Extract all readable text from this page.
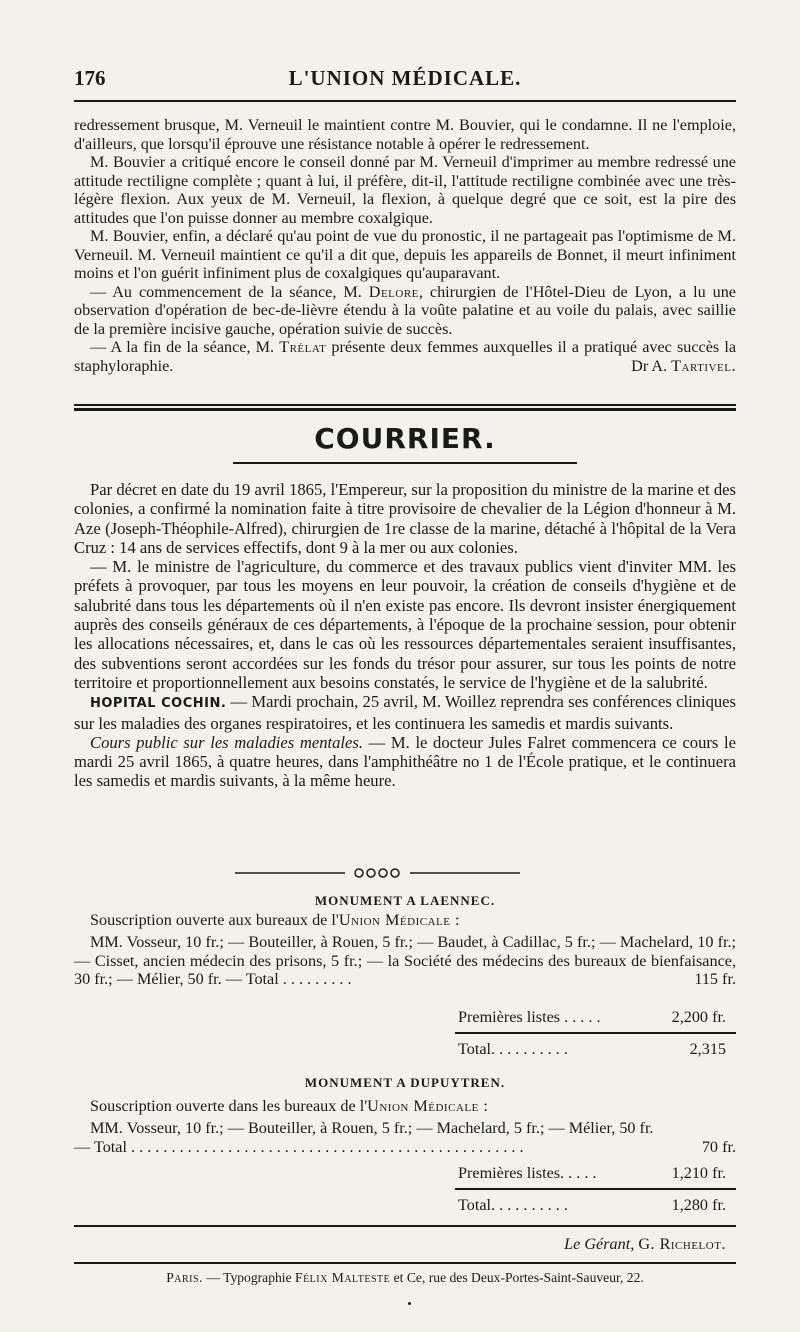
176	L'UNION MÉDICALE.

redressement brusque, M. Verneuil le maintient contre M. Bouvier, qui le condamne. Il ne l'emploie, d'ailleurs, que lorsqu'il éprouve une résistance notable à opérer le redressement.

M. Bouvier a critiqué encore le conseil donné par M. Verneuil d'imprimer au membre redressé une attitude rectiligne complète ; quant à lui, il préfère, dit-il, l'attitude rectiligne combinée avec une très-légère flexion. Aux yeux de M. Verneuil, la flexion, à quelque degré que ce soit, est la pire des attitudes que l'on puisse donner au membre coxalgique.

M. Bouvier, enfin, a déclaré qu'au point de vue du pronostic, il ne partageait pas l'optimisme de M. Verneuil. M. Verneuil maintient ce qu'il a dit que, depuis les appareils de Bonnet, il meurt infiniment moins et l'on guérit infiniment plus de coxalgiques qu'auparavant.

— Au commencement de la séance, M. Delore, chirurgien de l'Hôtel-Dieu de Lyon, a lu une observation d'opération de bec-de-lièvre étendu à la voûte palatine et au voile du palais, avec saillie de la première incisive gauche, opération suivie de succès.

— A la fin de la séance, M. Trélat présente deux femmes auxquelles il a pratiqué avec succès la staphyloraphie.	Dr A. Tartivel.

COURRIER.

Par décret en date du 19 avril 1865, l'Empereur, sur la proposition du ministre de la marine et des colonies, a confirmé la nomination faite à titre provisoire de chevalier de la Légion d'honneur à M. Aze (Joseph-Théophile-Alfred), chirurgien de 1re classe de la marine, détaché à l'hôpital de la Vera Cruz : 14 ans de services effectifs, dont 9 à la mer ou aux colonies.

— M. le ministre de l'agriculture, du commerce et des travaux publics vient d'inviter MM. les préfets à provoquer, par tous les moyens en leur pouvoir, la création de conseils d'hygiène et de salubrité dans tous les départements où il n'en existe pas encore. Ils devront insister énergiquement auprès des conseils généraux de ces départements, à l'époque de la prochaine session, pour obtenir les allocations nécessaires, et, dans le cas où les ressources départementales seraient insuffisantes, des subventions seront accordées sur les fonds du trésor pour assurer, sur tous les points de notre territoire et proportionnellement aux besoins constatés, le service de l'hygiène et de la salubrité.

HOPITAL COCHIN. — Mardi prochain, 25 avril, M. Woillez reprendra ses conférences cliniques sur les maladies des organes respiratoires, et les continuera les samedis et mardis suivants.

Cours public sur les maladies mentales. — M. le docteur Jules Falret commencera ce cours le mardi 25 avril 1865, à quatre heures, dans l'amphithéâtre no 1 de l'École pratique, et le continuera les samedis et mardis suivants, à la même heure.

MONUMENT A LAENNEC.

Souscription ouverte aux bureaux de l'Union Médicale :

MM. Vosseur, 10 fr.; — Bouteiller, à Rouen, 5 fr.; — Baudet, à Cadillac, 5 fr.; — Machelard, 10 fr.; — Cisset, ancien médecin des prisons, 5 fr.; — la Société des médecins des bureaux de bienfaisance, 30 fr.; — Mélier, 50 fr. — Total . . . . . . . . .	115 fr.

Premières listes . . . . .	2,200 fr.
Total. . . . . . . . . .	2,315
MONUMENT A DUPUYTREN.

Souscription ouverte dans les bureaux de l'Union Médicale :

MM. Vosseur, 10 fr.; — Bouteiller, à Rouen, 5 fr.; — Machelard, 5 fr.; — Mélier, 50 fr.

— Total . . . . . . . . . . . . . . . . . . . . . . . . . . . . . . . . . . . . . . . . . . . . . . . . .	70 fr.
Premières listes. . . . .	1,210 fr.
Total. . . . . . . . . .	1,280 fr.
Le Gérant, G. Richelot.
Paris. — Typographie Félix Malteste et Ce, rue des Deux-Portes-Saint-Sauveur, 22.
